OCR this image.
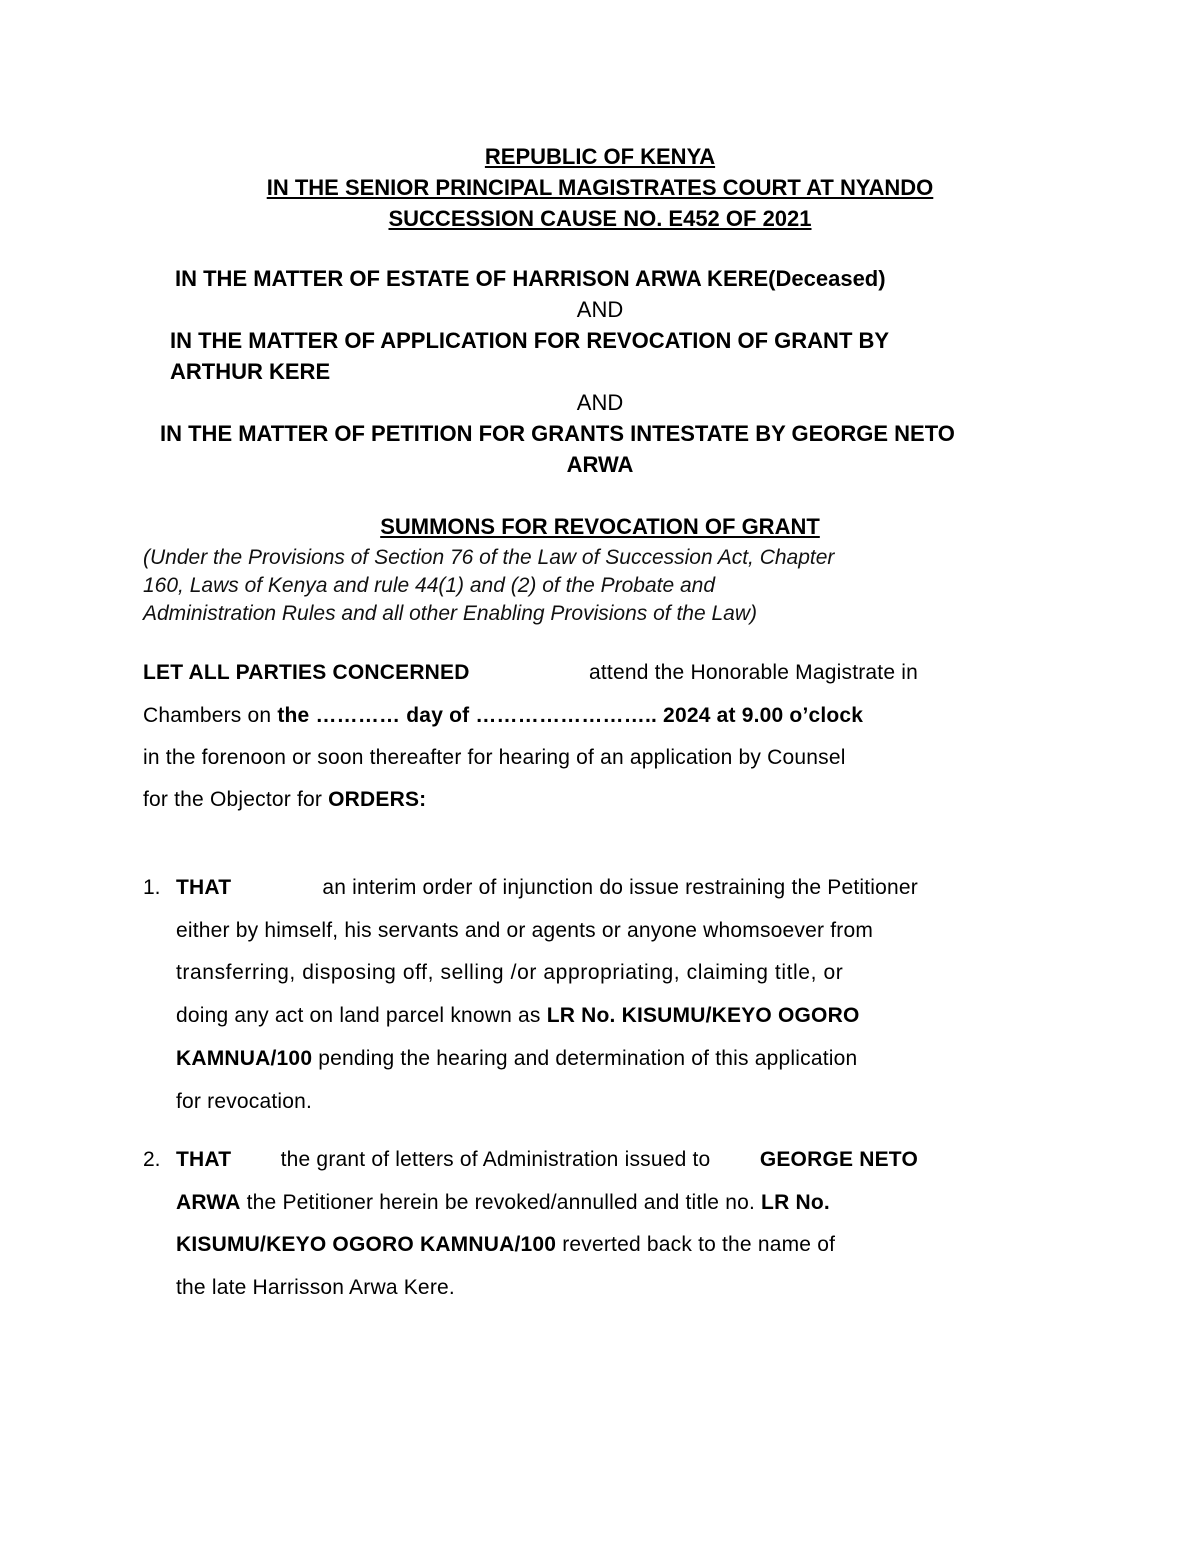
REPUBLIC OF KENYA
IN THE SENIOR PRINCIPAL MAGISTRATES COURT AT NYANDO
SUCCESSION CAUSE NO. E452 OF 2021
IN THE MATTER OF ESTATE OF HARRISON ARWA KERE(Deceased)
AND
IN THE MATTER OF APPLICATION FOR REVOCATION OF GRANT BY
ARTHUR KERE
AND
IN THE MATTER OF PETITION FOR GRANTS INTESTATE BY GEORGE NETO
ARWA
SUMMONS FOR REVOCATION OF GRANT
(Under the Provisions of Section 76 of the Law of Succession Act, Chapter
160, Laws of Kenya and rule 44(1) and (2) of the Probate and
Administration Rules and all other Enabling Provisions of the Law)
LET ALL PARTIES CONCERNED	attend the Honorable Magistrate in
Chambers on the ………… day of …………………….. 2024 at 9.00 o’clock
in the forenoon or soon thereafter for hearing of an application by Counsel
for the Objector for ORDERS:
1. THAT	an interim order of injunction do issue restraining the Petitioner
either by himself, his servants and or agents or anyone whomsoever from
transferring, disposing off, selling /or appropriating, claiming title, or
doing any act on land parcel known as LR No. KISUMU/KEYO OGORO
KAMNUA/100 pending the hearing and determination of this application
for revocation.
2. THAT the grant of letters of Administration issued to GEORGE NETO
ARWA the Petitioner herein be revoked/annulled and title no. LR No.
KISUMU/KEYO OGORO KAMNUA/100 reverted back to the name of
the late Harrisson Arwa Kere.
